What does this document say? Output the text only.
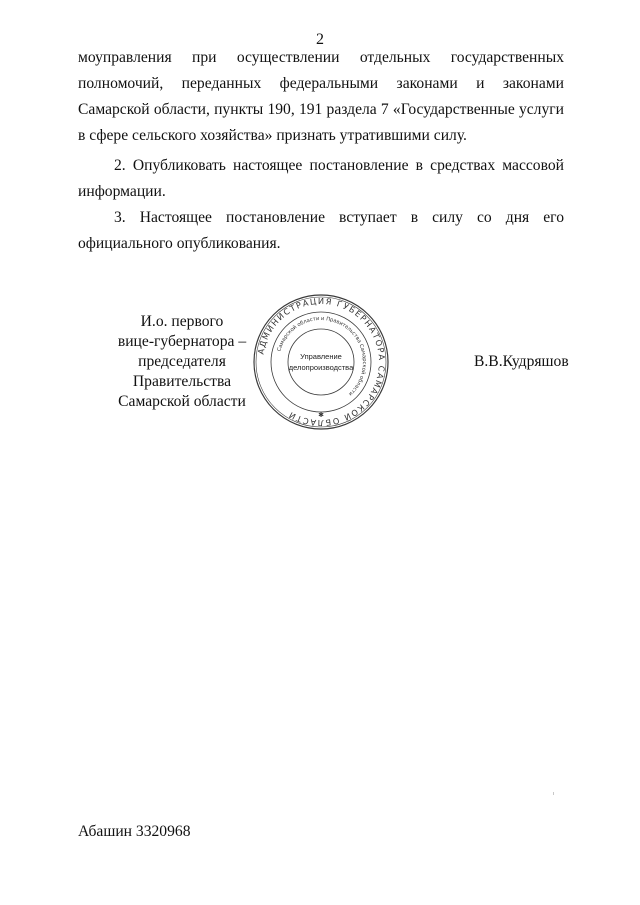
2
моуправления при осуществлении отдельных государственных полномочий, переданных федеральными законами и законами Самарской области, пункты 190, 191 раздела 7 «Государственные услуги в сфере сельского хозяйства» признать утратившими силу.
2. Опубликовать настоящее постановление в средствах массовой информации.
3. Настоящее постановление вступает в силу со дня его официального опубликования.
И.о. первого
вице-губернатора –
председателя Правительства
Самарской области
АДМИНИСТРАЦИЯ ГУБЕРНАТОРА САМАРСКОЙ ОБЛАСТИ
Самарской области и Правительства Самарской области
Управление
делопроизводства
✱
В.В.Кудряшов
Абашин 3320968
